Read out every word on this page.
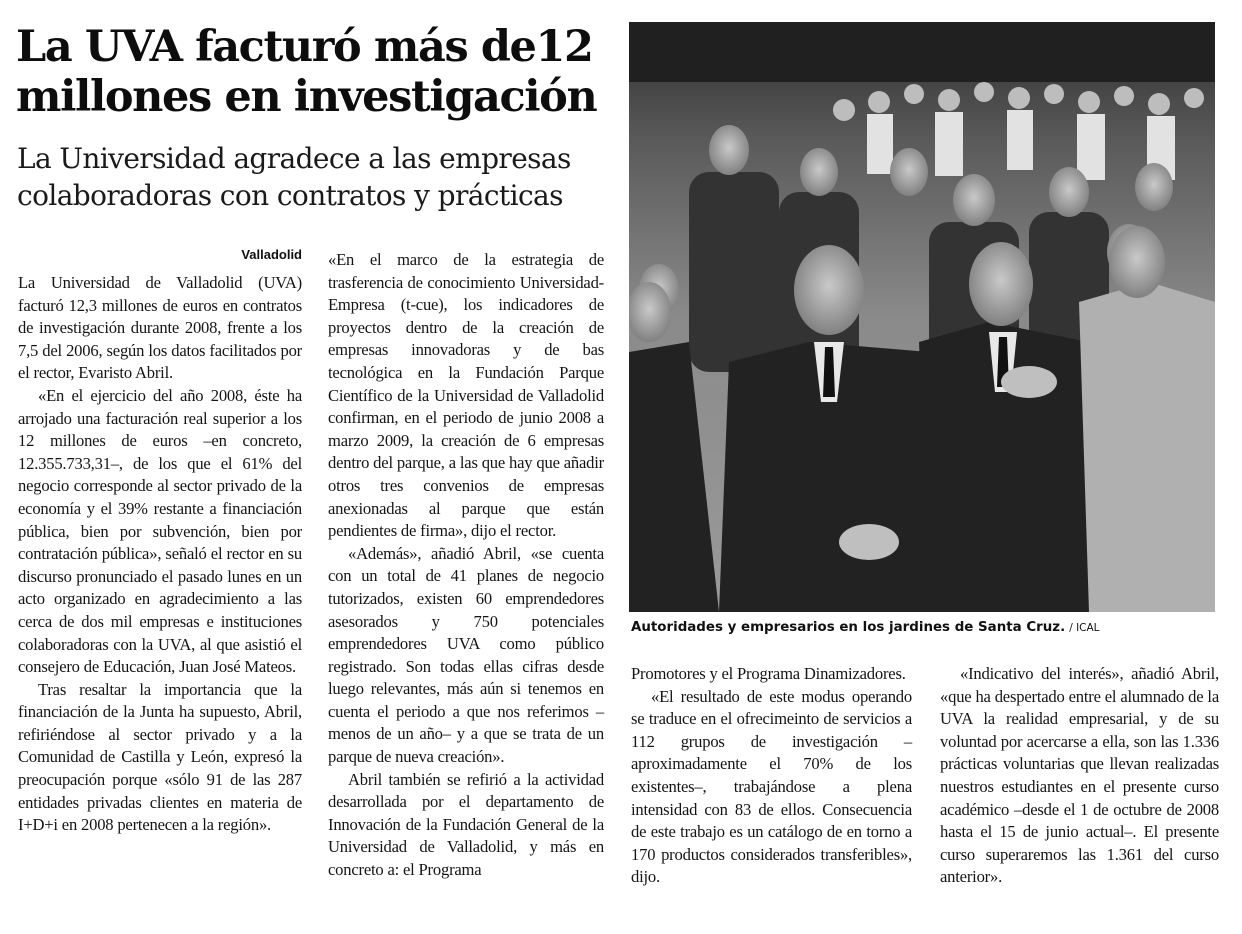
La UVA facturó más de12 millones en investigación
La Universidad agradece a las empresas colaboradoras con contratos y prácticas
Valladolid

La Universidad de Valladolid (UVA) facturó 12,3 millones de euros en contratos de investigación durante 2008, frente a los 7,5 del 2006, según los datos facilitados por el rector, Evaristo Abril.

«En el ejercicio del año 2008, éste ha arrojado una facturación real superior a los 12 millones de euros –en concreto, 12.355.733,31–, de los que el 61% del negocio corresponde al sector privado de la economía y el 39% restante a financiación pública, bien por subvención, bien por contratación pública», señaló el rector en su discurso pronunciado el pasado lunes en un acto organizado en agradecimiento a las cerca de dos mil empresas e instituciones colaboradoras con la UVA, al que asistió el consejero de Educación, Juan José Mateos.

Tras resaltar la importancia que la financiación de la Junta ha supuesto, Abril, refiriéndose al sector privado y a la Comunidad de Castilla y León, expresó la preocupación porque «sólo 91 de las 287 entidades privadas clientes en materia de I+D+i en 2008 pertenecen a la región».

«En el marco de la estrategia de trasferencia de conocimiento Universidad-Empresa (t-cue), los indicadores de proyectos dentro de la creación de empresas innovadoras y de bas tecnológica en la Fundación Parque Científico de la Universidad de Valladolid confirman, en el periodo de junio 2008 a marzo 2009, la creación de 6 empresas dentro del parque, a las que hay que añadir otros tres convenios de empresas anexionadas al parque que están pendientes de firma», dijo el rector.

«Además», añadió Abril, «se cuenta con un total de 41 planes de negocio tutorizados, existen 60 emprendedores asesorados y 750 potenciales emprendedores UVA como público registrado. Son todas ellas cifras desde luego relevantes, más aún si tenemos en cuenta el periodo a que nos referimos –menos de un año– y a que se trata de un parque de nueva creación».

Abril también se refirió a la actividad desarrollada por el departamento de Innovación de la Fundación General de la Universidad de Valladolid, y más en concreto a: el Programa

Autoridades y empresarios en los jardines de Santa Cruz. / ICAL

Promotores y el Programa Dinamizadores.

«El resultado de este modus operando se traduce en el ofrecimeinto de servicios a 112 grupos de investigación –aproximadamente el 70% de los existentes–, trabajándose a plena intensidad con 83 de ellos. Consecuencia de este trabajo es un catálogo de en torno a 170 productos considerados transferibles», dijo.

«Indicativo del interés», añadió Abril, «que ha despertado entre el alumnado de la UVA la realidad empresarial, y de su voluntad por acercarse a ella, son las 1.336 prácticas voluntarias que llevan realizadas nuestros estudiantes en el presente curso académico –desde el 1 de octubre de 2008 hasta el 15 de junio actual–. El presente curso superaremos las 1.361 del curso anterior».
